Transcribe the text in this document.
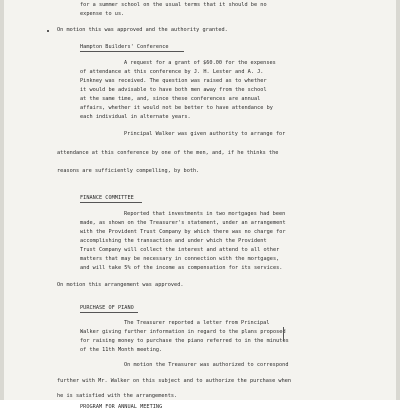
for a summer school on the usual terms that it should be no

expense to us.

On motion this was approved and the authority granted.

Hampton Builders' Conference

A request for a grant of $60.00 for the expenses

of attendance at this conference by J. H. Lester and A. J.

Pinkney was received. The question was raised as to whether

it would be advisable to have both men away from the school

at the same time, and, since these conferences are annual

affairs, whether it would not be better to have attendance by

each individual in alternate years.

Principal Walker was given authority to arrange for

attendance at this conference by one of the men, and, if he thinks the

reasons are sufficiently compelling, by both.

FINANCE COMMITTEE

Reported that investments in two mortgages had been

made, as shown on the Treasurer's statement, under an arrangement

with the Provident Trust Company by which there was no charge for

accomplishing the transaction and under which the Provident

Trust Company will collect the interest and attend to all other

matters that may be necessary in connection with the mortgages,

and will take 5% of the income as compensation for its services.

On motion this arrangement was approved.

PURCHASE OF PIANO

The Treasurer reported a letter from Principal

Walker giving further information in regard to the plans proposed

for raising money to purchase the piano referred to in the minutes

of the 11th Month meeting.

On motion the Treasurer was authorized to correspond

further with Mr. Walker on this subject and to authorize the purchase when

he is satisfied with the arrangements.

PROGRAM FOR ANNUAL MEETING
